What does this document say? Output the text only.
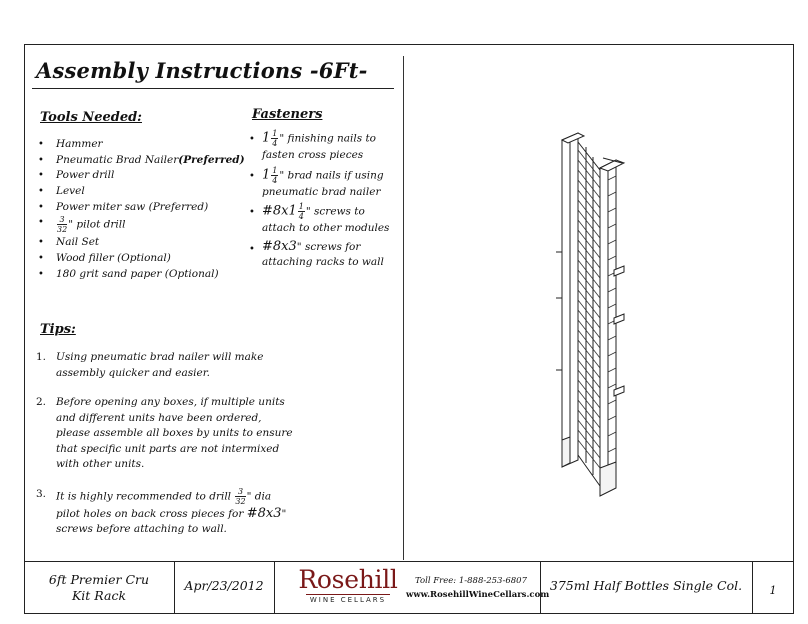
Assembly Instructions -6Ft-
Tools Needed:
• Hammer
• Pneumatic Brad Nailer(Preferred)
• Power drill
• Level
• Power miter saw (Preferred)
• $\frac{3}{32}$ " pilot drill
• Nail Set
• Wood filler (Optional)
• 180 grit sand paper (Optional)
Fasteners
• $1 \frac{1}{4}$ " finishing nails to fasten cross pieces
• $1 \frac{1}{4}$ " brad nails if using pneumatic brad nailer
• #8x1 $\frac{1}{4}$ " screws to attach to other modules
• #8x3" screws for attaching racks to wall
Tips:
1. Using pneumatic brad nailer will make assembly quicker and easier.
2. Before opening any boxes, if multiple units and different units have been ordered, please assemble all boxes by units to ensure that specific unit parts are not intermixed with other units.
3. It is highly recommended to drill $\frac{3}{32}$ " dia pilot holes on back cross pieces for #8x3" screws before attaching to wall.
6ft Premier Cru
Kit Rack
Apr/23/2012	Rosehill
WINE CELLARS
Toll Free: 1-888-253-6807
www.RosehillWineCellars.com
375ml Half Bottles Single Col.	1
